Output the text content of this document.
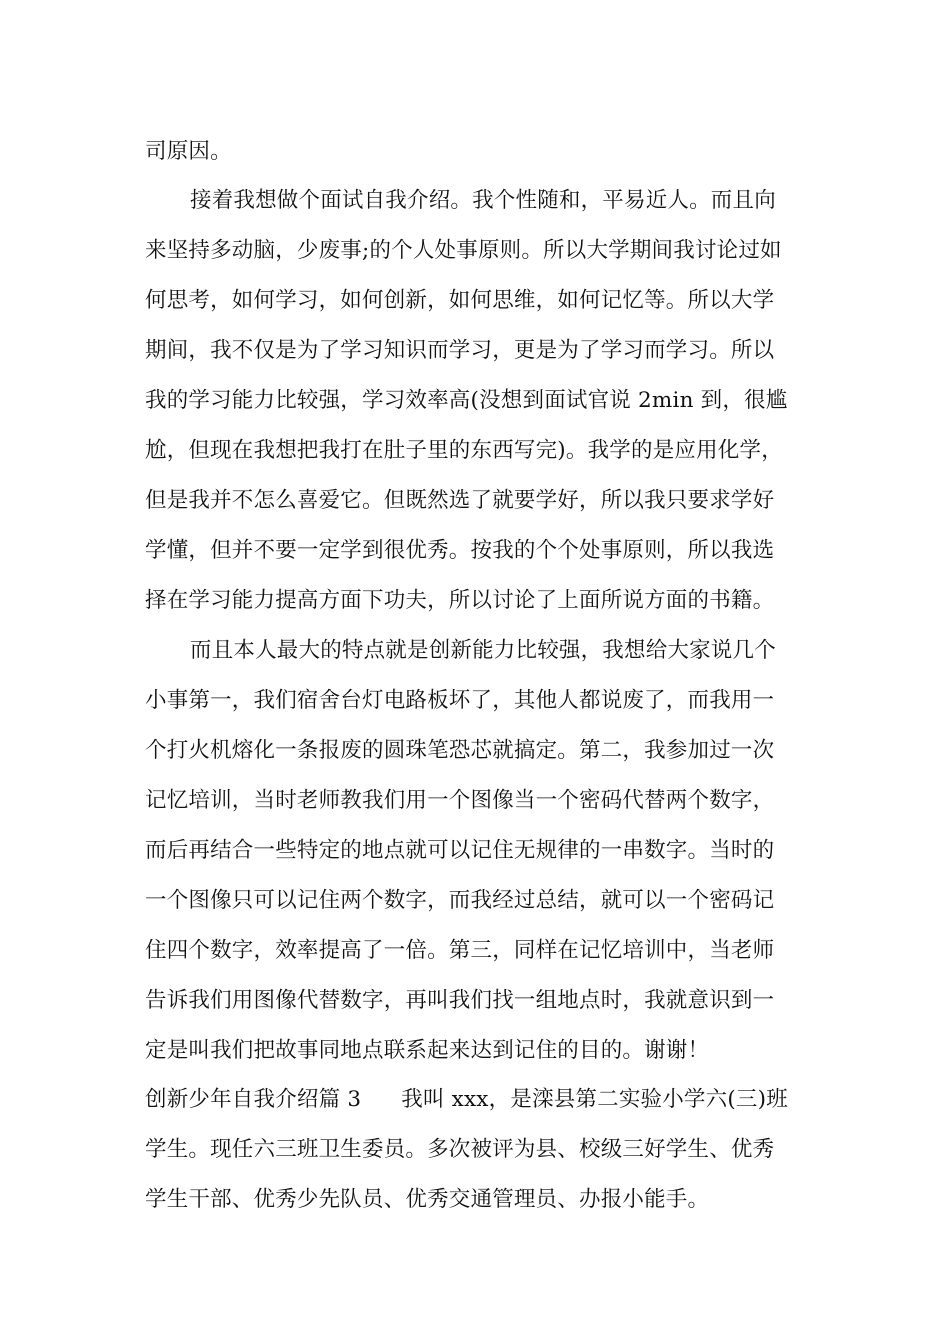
司原因。
接着我想做个面试自我介绍。我个性随和，平易近人。而且向
来坚持多动脑，少废事;的个人处事原则。所以大学期间我讨论过如
何思考，如何学习，如何创新，如何思维，如何记忆等。所以大学
期间，我不仅是为了学习知识而学习，更是为了学习而学习。所以
我的学习能力比较强，学习效率高(没想到面试官说 2min 到，很尴
尬，但现在我想把我打在肚子里的东西写完)。我学的是应用化学，
但是我并不怎么喜爱它。但既然选了就要学好，所以我只要求学好
学懂，但并不要一定学到很优秀。按我的个个处事原则，所以我选
择在学习能力提高方面下功夫，所以讨论了上面所说方面的书籍。
而且本人最大的特点就是创新能力比较强，我想给大家说几个
小事第一，我们宿舍台灯电路板坏了，其他人都说废了，而我用一
个打火机熔化一条报废的圆珠笔恐芯就搞定。第二，我参加过一次
记忆培训，当时老师教我们用一个图像当一个密码代替两个数字，
而后再结合一些特定的地点就可以记住无规律的一串数字。当时的
一个图像只可以记住两个数字，而我经过总结，就可以一个密码记
住四个数字，效率提高了一倍。第三，同样在记忆培训中，当老师
告诉我们用图像代替数字，再叫我们找一组地点时，我就意识到一
定是叫我们把故事同地点联系起来达到记住的目的。谢谢！
创新少年自我介绍篇 3 我叫 xxx，是滦县第二实验小学六(三)班
学生。现任六三班卫生委员。多次被评为县、校级三好学生、优秀
学生干部、优秀少先队员、优秀交通管理员、办报小能手。
